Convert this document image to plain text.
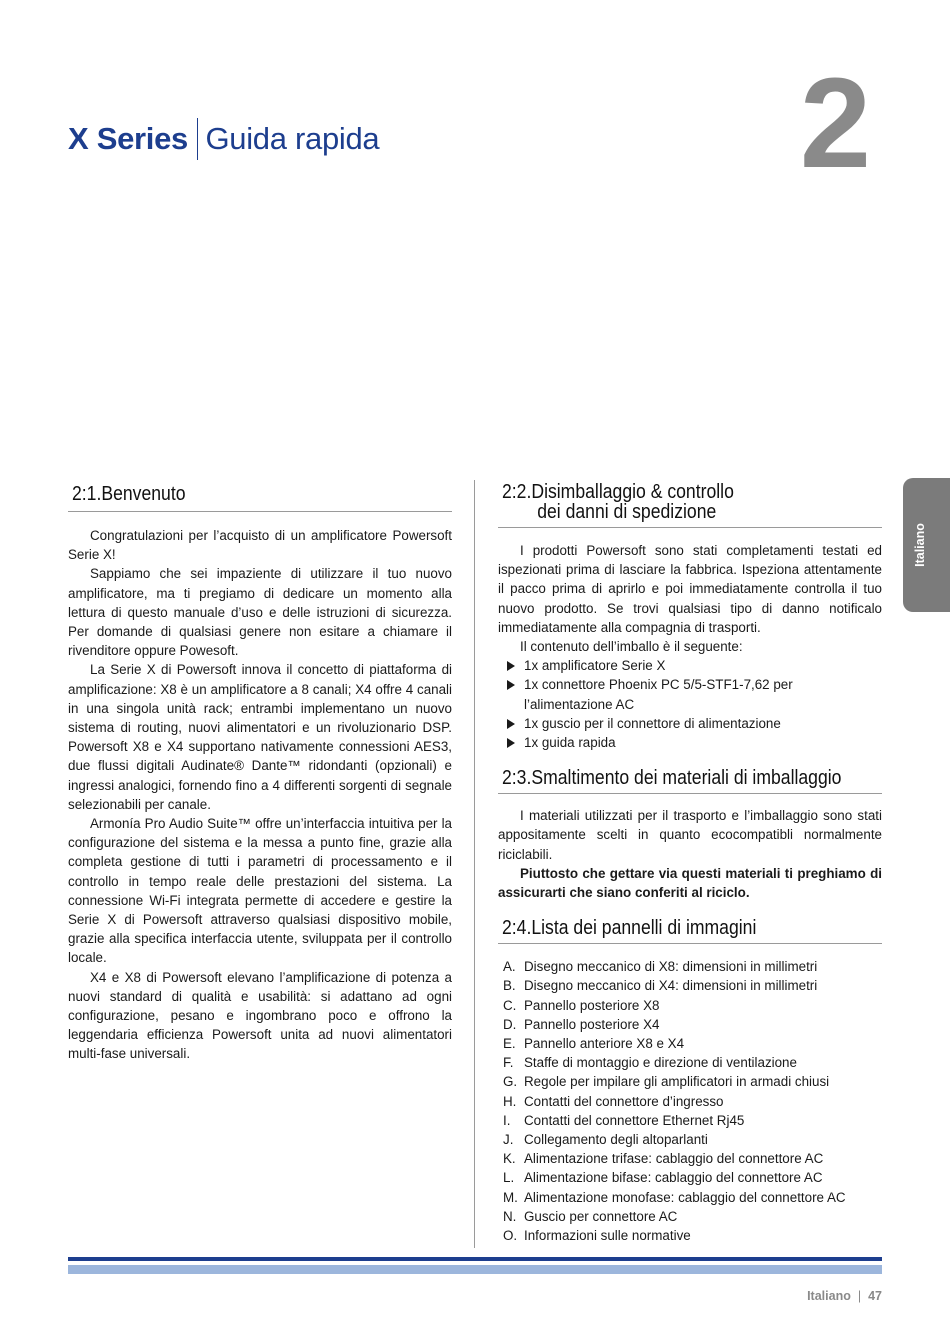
X Series Guida rapida	2
Italiano
2:1.Benvenuto

Congratulazioni per l’acquisto di un amplificatore Powersoft Serie X!

Sappiamo che sei impaziente di utilizzare il tuo nuovo amplificatore, ma ti pregiamo di dedicare un momento alla lettura di questo manuale d’uso e delle istruzioni di sicurezza. Per domande di qualsiasi genere non esitare a chiamare il rivenditore oppure Powesoft.

La Serie X di Powersoft innova il concetto di piattaforma di amplificazione: X8 è un amplificatore a 8 canali; X4 offre 4 canali in una singola unità rack; entrambi implementano un nuovo sistema di routing, nuovi alimentatori e un rivoluzionario DSP. Powersoft X8 e X4 supportano nativamente connessioni AES3, due flussi digitali Audinate® Dante™ ridondanti (opzionali) e ingressi analogici, fornendo fino a 4 differenti sorgenti di segnale selezionabili per canale.

Armonía Pro Audio Suite™ offre un’interfaccia intuitiva per la configurazione del sistema e la messa a punto fine, grazie alla completa gestione di tutti i parametri di processamento e il controllo in tempo reale delle prestazioni del sistema. La connessione Wi-Fi integrata permette di accedere e gestire la Serie X di Powersoft attraverso qualsiasi dispositivo mobile, grazie alla specifica interfaccia utente, sviluppata per il controllo locale.

X4 e X8 di Powersoft elevano l’amplificazione di potenza a nuovi standard di qualità e usabilità: si adattano ad ogni configurazione, pesano e ingombrano poco e offrono la leggendaria efficienza Powersoft unita ad nuovi alimentatori multi-fase universali.

2:2.Disimballaggio & controllo
dei danni di spedizione

I prodotti Powersoft sono stati completamenti testati ed ispezionati prima di lasciare la fabbrica. Ispeziona attentamente il pacco prima di aprirlo e poi immediatamente controlla il tuo nuovo prodotto. Se trovi qualsiasi tipo di danno notificalo immediatamente alla compagnia di trasporti.

Il contenuto dell’imballo è il seguente:

1x amplificatore Serie X
1x connettore Phoenix PC 5/5-STF1-7,62 per l’alimentazione AC
1x guscio per il connettore di alimentazione
1x guida rapida
2:3.Smaltimento dei materiali di imballaggio

I materiali utilizzati per il trasporto e l’imballaggio sono stati appositamente scelti in quanto ecocompatibli normalmente riciclabili.

Piuttosto che gettare via questi materiali ti preghiamo di assicurarti che siano conferiti al riciclo.

2:4.Lista dei pannelli di immagini
A. Disegno meccanico di X8: dimensioni in millimetri
B. Disegno meccanico di X4: dimensioni in millimetri
C. Pannello posteriore X8
D. Pannello posteriore X4
E. Pannello anteriore X8 e X4
F. Staffe di montaggio e direzione di ventilazione
G. Regole per impilare gli amplificatori in armadi chiusi
H. Contatti del connettore d’ingresso
I. Contatti del connettore Ethernet Rj45
J. Collegamento degli altoparlanti
K. Alimentazione trifase: cablaggio del connettore AC
L. Alimentazione bifase: cablaggio del connettore AC
M. Alimentazione monofase: cablaggio del connettore AC
N. Guscio per connettore AC
O. Informazioni sulle normative
Italiano | 47
